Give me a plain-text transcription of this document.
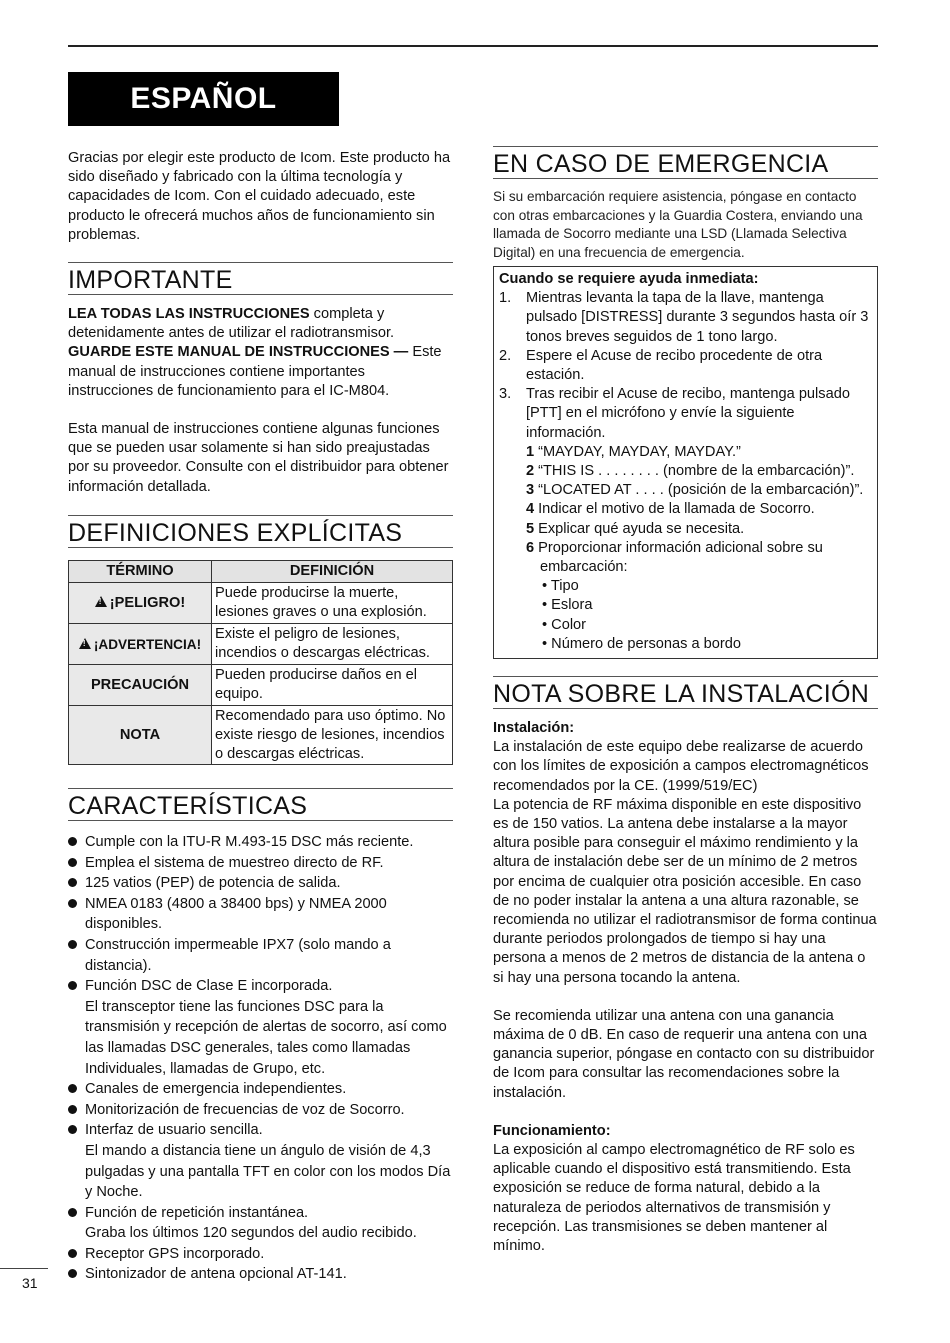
ESPAÑOL

Gracias por elegir este producto de Icom. Este producto ha sido diseñado y fabricado con la última tecnología y capacidades de Icom. Con el cuidado adecuado, este producto le ofrecerá muchos años de funcionamiento sin problemas.

IMPORTANTE

LEA TODAS LAS INSTRUCCIONES completa y detenidamente antes de utilizar el radiotransmisor.

GUARDE ESTE MANUAL DE INSTRUCCIONES — Este manual de instrucciones contiene importantes instrucciones de funcionamiento para el IC-M804.

Esta manual de instrucciones contiene algunas funciones que se pueden usar solamente si han sido preajustadas por su proveedor. Consulte con el distribuidor para obtener información detallada.

DEFINICIONES EXPLÍCITAS
TÉRMINO	DEFINICIÓN
!¡PELIGRO!	Puede producirse la muerte, lesiones graves o una explosión.
!¡ADVERTENCIA!	Existe el peligro de lesiones, incendios o descargas eléctricas.
PRECAUCIÓN	Pueden producirse daños en el equipo.
NOTA	Recomendado para uso óptimo. No existe riesgo de lesiones, incendios o descargas eléctricas.
CARACTERÍSTICAS
Cumple con la ITU-R M.493-15 DSC más reciente.
Emplea el sistema de muestreo directo de RF.
125 vatios (PEP) de potencia de salida.
NMEA 0183 (4800 a 38400 bps) y NMEA 2000 disponibles.
Construcción impermeable IPX7 (solo mando a distancia).
Función DSC de Clase E incorporada.
El transceptor tiene las funciones DSC para la transmisión y recepción de alertas de socorro, así como las llamadas DSC generales, tales como llamadas Individuales, llamadas de Grupo, etc.
Canales de emergencia independientes.
Monitorización de frecuencias de voz de Socorro.
Interfaz de usuario sencilla.
El mando a distancia tiene un ángulo de visión de 4,3 pulgadas y una pantalla TFT en color con los modos Día y Noche.
Función de repetición instantánea.
Graba los últimos 120 segundos del audio recibido.
Receptor GPS incorporado.
Sintonizador de antena opcional AT-141.
31
EN CASO DE EMERGENCIA

Si su embarcación requiere asistencia, póngase en contacto con otras embarcaciones y la Guardia Costera, enviando una llamada de Socorro mediante una LSD (Llamada Selectiva Digital) en una frecuencia de emergencia.

Cuando se requiere ayuda inmediata:

1. Mientras levanta la tapa de la llave, mantenga pulsado [DISTRESS] durante 3 segundos hasta oír 3 tonos breves seguidos de 1 tono largo.
2. Espere el Acuse de recibo procedente de otra estación.
3. Tras recibir el Acuse de recibo, mantenga pulsado [PTT] en el micrófono y envíe la siguiente información.
1 “MAYDAY, MAYDAY, MAYDAY.”
2 “THIS IS . . . . . . . . (nombre de la embarcación)”.
3 “LOCATED AT . . . . (posición de la embarcación)”.
4 Indicar el motivo de la llamada de Socorro.
5 Explicar qué ayuda se necesita.
6 Proporcionar información adicional sobre su embarcación:
• Tipo
• Eslora
• Color
• Número de personas a bordo
NOTA SOBRE LA INSTALACIÓN

Instalación:

La instalación de este equipo debe realizarse de acuerdo con los límites de exposición a campos electromagnéticos recomendados por la CE. (1999/519/EC)

La potencia de RF máxima disponible en este dispositivo es de 150 vatios. La antena debe instalarse a la mayor altura posible para conseguir el máximo rendimiento y la altura de instalación debe ser de un mínimo de 2 metros por encima de cualquier otra posición accesible. En caso de no poder instalar la antena a una altura razonable, se recomienda no utilizar el radiotransmisor de forma continua durante periodos prolongados de tiempo si hay una persona a menos de 2 metros de distancia de la antena o si hay una persona tocando la antena.

Se recomienda utilizar una antena con una ganancia máxima de 0 dB. En caso de requerir una antena con una ganancia superior, póngase en contacto con su distribuidor de Icom para consultar las recomendaciones sobre la instalación.

Funcionamiento:

La exposición al campo electromagnético de RF solo es aplicable cuando el dispositivo está transmitiendo. Esta exposición se reduce de forma natural, debido a la naturaleza de periodos alternativos de transmisión y recepción. Las transmisiones se deben mantener al mínimo.
